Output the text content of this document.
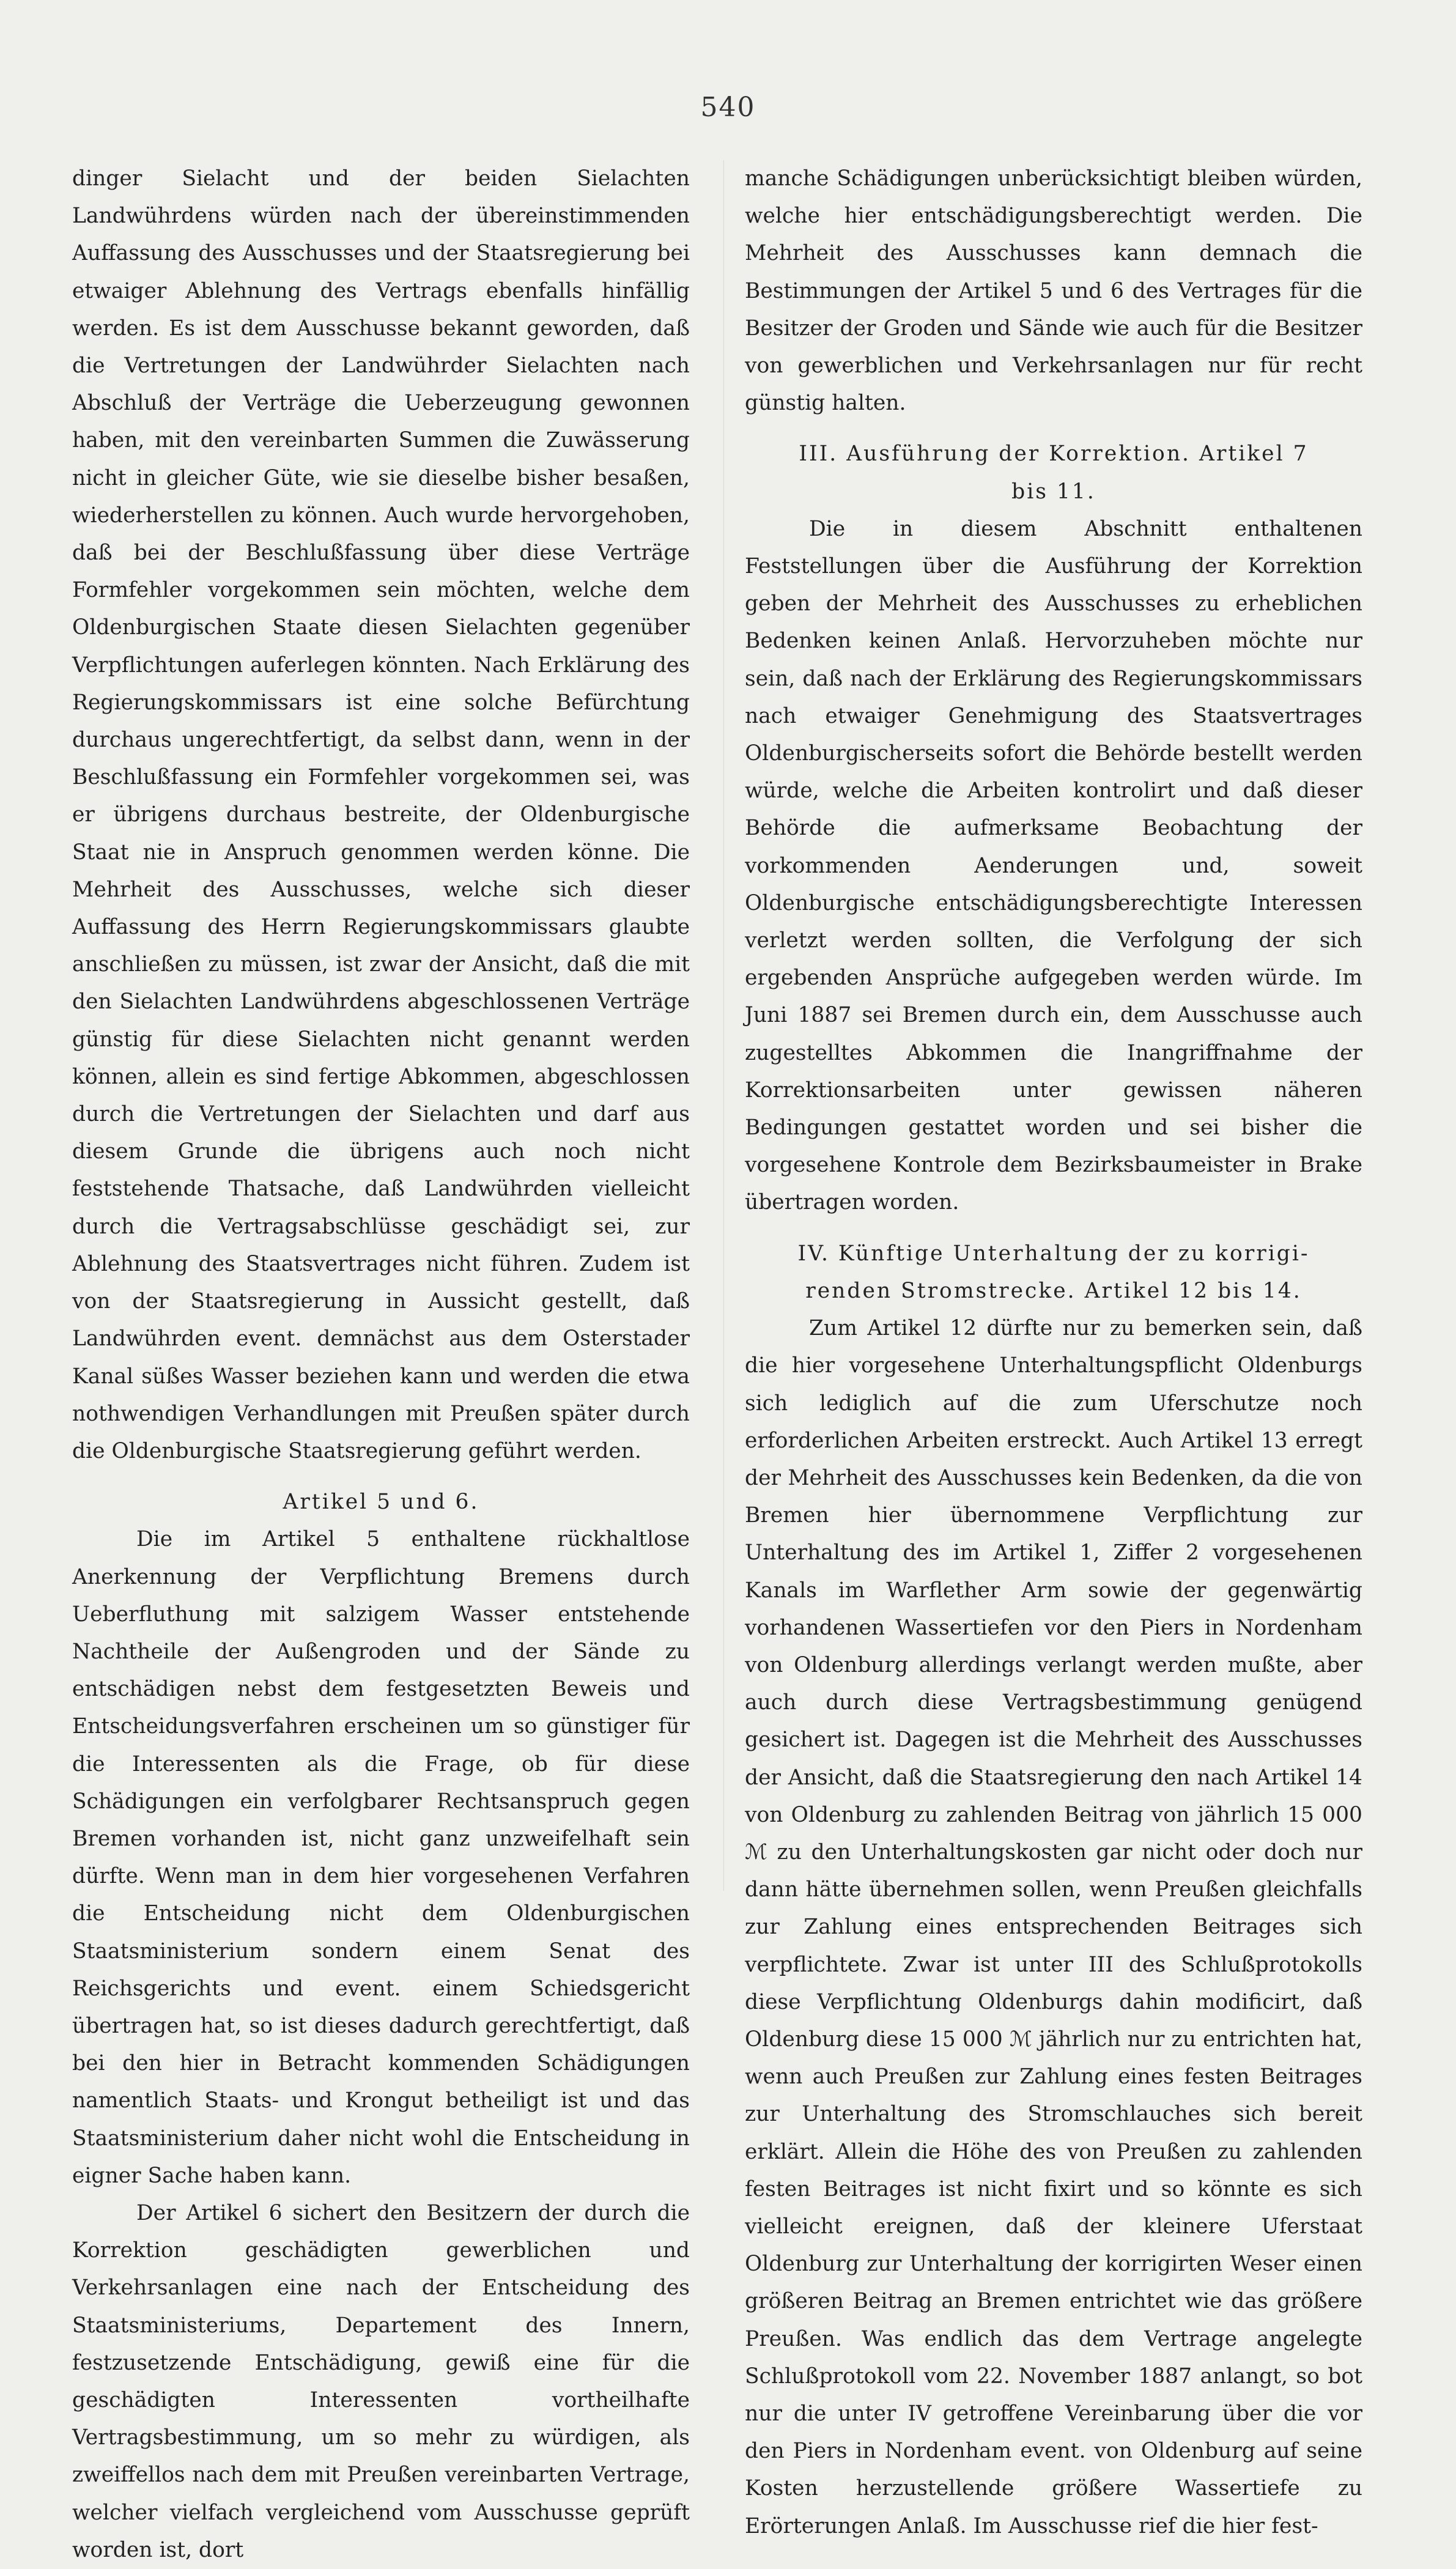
540

dinger Sielacht und der beiden Sielachten Landwührdens würden nach der übereinstimmenden Auffassung des Ausschusses und der Staatsregierung bei etwaiger Ablehnung des Vertrags ebenfalls hinfällig werden. Es ist dem Ausschusse bekannt geworden, daß die Vertretungen der Landwührder Sielachten nach Abschluß der Verträge die Ueberzeugung gewonnen haben, mit den vereinbarten Summen die Zuwässerung nicht in gleicher Güte, wie sie dieselbe bisher besaßen, wiederherstellen zu können. Auch wurde hervorgehoben, daß bei der Beschlußfassung über diese Verträge Formfehler vorgekommen sein möchten, welche dem Oldenburgischen Staate diesen Sielachten gegenüber Verpflichtungen auferlegen könnten. Nach Erklärung des Regierungskommissars ist eine solche Befürchtung durchaus ungerechtfertigt, da selbst dann, wenn in der Beschlußfassung ein Formfehler vorgekommen sei, was er übrigens durchaus bestreite, der Oldenburgische Staat nie in Anspruch genommen werden könne. Die Mehrheit des Ausschusses, welche sich dieser Auffassung des Herrn Regierungskommissars glaubte anschließen zu müssen, ist zwar der Ansicht, daß die mit den Sielachten Landwührdens abgeschlossenen Verträge günstig für diese Sielachten nicht genannt werden können, allein es sind fertige Abkommen, abgeschlossen durch die Vertretungen der Sielachten und darf aus diesem Grunde die übrigens auch noch nicht feststehende Thatsache, daß Landwührden vielleicht durch die Vertragsabschlüsse geschädigt sei, zur Ablehnung des Staatsvertrages nicht führen. Zudem ist von der Staatsregierung in Aussicht gestellt, daß Landwührden event. demnächst aus dem Osterstader Kanal süßes Wasser beziehen kann und werden die etwa nothwendigen Verhandlungen mit Preußen später durch die Oldenburgische Staatsregierung geführt werden.

Artikel 5 und 6.

Die im Artikel 5 enthaltene rückhaltlose Anerkennung der Verpflichtung Bremens durch Ueberfluthung mit salzigem Wasser entstehende Nachtheile der Außengroden und der Sände zu entschädigen nebst dem festgesetzten Beweis und Entscheidungsverfahren erscheinen um so günstiger für die Interessenten als die Frage, ob für diese Schädigungen ein verfolgbarer Rechtsanspruch gegen Bremen vorhanden ist, nicht ganz unzweifelhaft sein dürfte. Wenn man in dem hier vorgesehenen Verfahren die Entscheidung nicht dem Oldenburgischen Staatsministerium sondern einem Senat des Reichsgerichts und event. einem Schiedsgericht übertragen hat, so ist dieses dadurch gerechtfertigt, daß bei den hier in Betracht kommenden Schädigungen namentlich Staats- und Krongut betheiligt ist und das Staatsministerium daher nicht wohl die Entscheidung in eigner Sache haben kann.

Der Artikel 6 sichert den Besitzern der durch die Korrektion geschädigten gewerblichen und Verkehrsanlagen eine nach der Entscheidung des Staatsministeriums, Departement des Innern, festzusetzende Entschädigung, gewiß eine für die geschädigten Interessenten vortheilhafte Vertragsbestimmung, um so mehr zu würdigen, als zweiffellos nach dem mit Preußen vereinbarten Vertrage, welcher vielfach vergleichend vom Ausschusse geprüft worden ist, dort

manche Schädigungen unberücksichtigt bleiben würden, welche hier entschädigungsberechtigt werden. Die Mehrheit des Ausschusses kann demnach die Bestimmungen der Artikel 5 und 6 des Vertrages für die Besitzer der Groden und Sände wie auch für die Besitzer von gewerblichen und Verkehrsanlagen nur für recht günstig halten.

III. Ausführung der Korrektion. Artikel 7
bis 11.

Die in diesem Abschnitt enthaltenen Feststellungen über die Ausführung der Korrektion geben der Mehrheit des Ausschusses zu erheblichen Bedenken keinen Anlaß. Hervorzuheben möchte nur sein, daß nach der Erklärung des Regierungskommissars nach etwaiger Genehmigung des Staatsvertrages Oldenburgischerseits sofort die Behörde bestellt werden würde, welche die Arbeiten kontrolirt und daß dieser Behörde die aufmerksame Beobachtung der vorkommenden Aenderungen und, soweit Oldenburgische entschädigungsberechtigte Interessen verletzt werden sollten, die Verfolgung der sich ergebenden Ansprüche aufgegeben werden würde. Im Juni 1887 sei Bremen durch ein, dem Ausschusse auch zugestelltes Abkommen die Inangriffnahme der Korrektionsarbeiten unter gewissen näheren Bedingungen gestattet worden und sei bisher die vorgesehene Kontrole dem Bezirksbaumeister in Brake übertragen worden.

IV. Künftige Unterhaltung der zu korrigi-
renden Stromstrecke. Artikel 12 bis 14.

Zum Artikel 12 dürfte nur zu bemerken sein, daß die hier vorgesehene Unterhaltungspflicht Oldenburgs sich lediglich auf die zum Uferschutze noch erforderlichen Arbeiten erstreckt. Auch Artikel 13 erregt der Mehrheit des Ausschusses kein Bedenken, da die von Bremen hier übernommene Verpflichtung zur Unterhaltung des im Artikel 1, Ziffer 2 vorgesehenen Kanals im Warflether Arm sowie der gegenwärtig vorhandenen Wassertiefen vor den Piers in Nordenham von Oldenburg allerdings verlangt werden mußte, aber auch durch diese Vertragsbestimmung genügend gesichert ist. Dagegen ist die Mehrheit des Ausschusses der Ansicht, daß die Staatsregierung den nach Artikel 14 von Oldenburg zu zahlenden Beitrag von jährlich 15 000 ℳ zu den Unterhaltungskosten gar nicht oder doch nur dann hätte übernehmen sollen, wenn Preußen gleichfalls zur Zahlung eines entsprechenden Beitrages sich verpflichtete. Zwar ist unter III des Schlußprotokolls diese Verpflichtung Oldenburgs dahin modificirt, daß Oldenburg diese 15 000 ℳ jährlich nur zu entrichten hat, wenn auch Preußen zur Zahlung eines festen Beitrages zur Unterhaltung des Stromschlauches sich bereit erklärt. Allein die Höhe des von Preußen zu zahlenden festen Beitrages ist nicht fixirt und so könnte es sich vielleicht ereignen, daß der kleinere Uferstaat Oldenburg zur Unterhaltung der korrigirten Weser einen größeren Beitrag an Bremen entrichtet wie das größere Preußen. Was endlich das dem Vertrage angelegte Schlußprotokoll vom 22. November 1887 anlangt, so bot nur die unter IV getroffene Vereinbarung über die vor den Piers in Nordenham event. von Oldenburg auf seine Kosten herzustellende größere Wassertiefe zu Erörterungen Anlaß. Im Ausschusse rief die hier fest-
